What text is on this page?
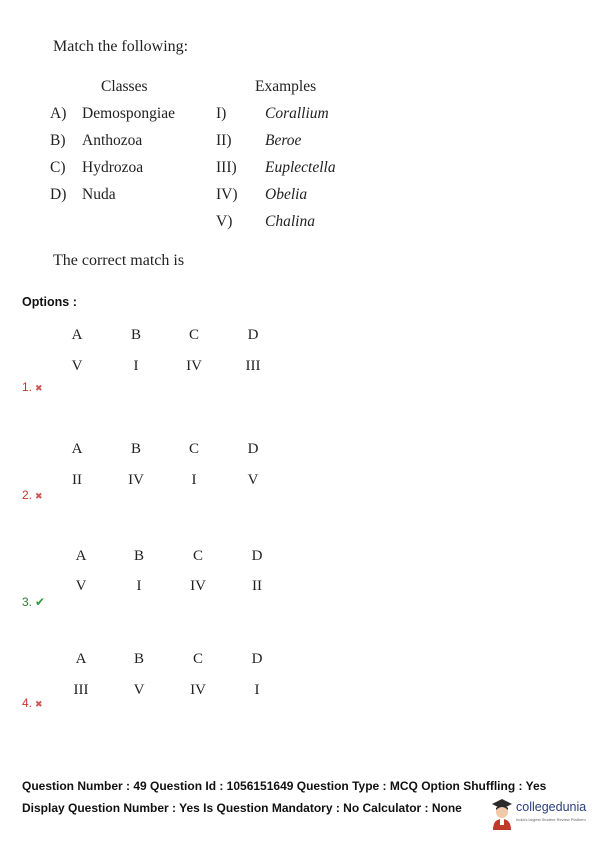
Match the following:
Classes	Examples
A) Demospongiae
B) Anthozoa
C) Hydrozoa
D) Nuda
I) Corallium
II) Beroe
III) Euplectella
IV) Obelia
V) Chalina
The correct match is
Options :
A	B	C	D
V	I	IV	III
1. ✖
A	B	C	D
II	IV	I	V
2. ✖
A	B	C	D
V	I	IV	II
3. ✔
A	B	C	D
III	V	IV	I
4. ✖
Question Number : 49 Question Id : 1056151649 Question Type : MCQ Option Shuffling : Yes
Display Question Number : Yes Is Question Mandatory : No Calculator : None	collegedunia
India's largest Student Review Platform
